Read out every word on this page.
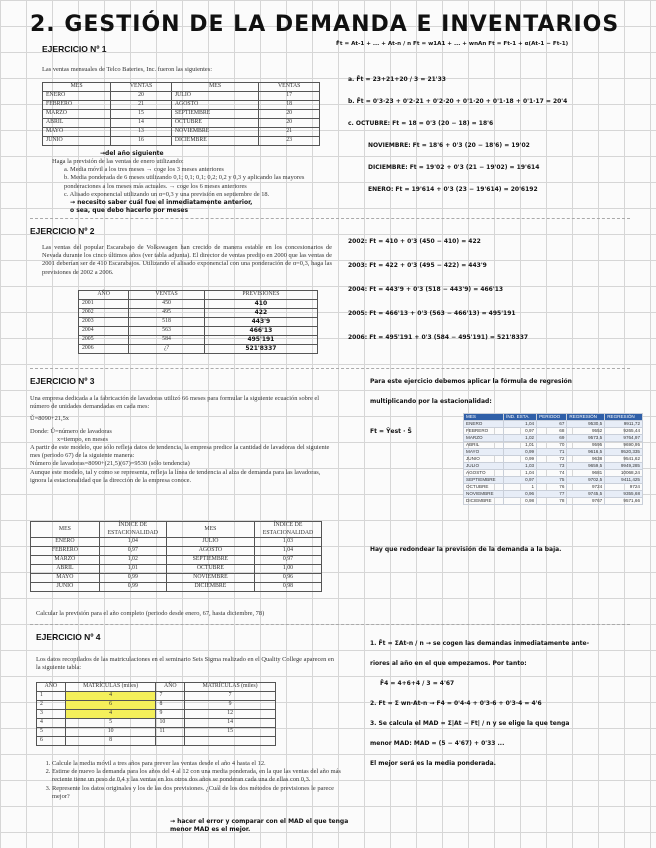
2. GESTIÓN DE LA DEMANDA E INVENTARIOS
EJERCICIO Nº 1	F̄t = At-1 + ... + At-n / n Ft = w1A1 + ... + wnAn Ft = Ft-1 + α(At-1 − Ft-1)
Las ventas mensuales de Telco Bateries, Inc. fueron las siguientes:
MES	VENTAS	MES	VENTAS
ENERO	20	JULIO	17
FEBRERO	21	AGOSTO	18
MARZO	15	SEPTIEMBRE	20
ABRIL	14	OCTUBRE	20
MAYO	13	NOVIEMBRE	21
JUNIO	16	DICIEMBRE	23
→del año siguiente
Haga la previsión de las ventas de enero utilizando:
a. Media móvil a los tres meses → coge los 3 meses anteriores
b. Media ponderada de 6 meses utilizando 0,1; 0,1; 0,1; 0,2; 0,2 y 0,3 y aplicando las mayores ponderaciones a los meses más actuales. → coge los 6 meses anteriores
c. Alisado exponencial utilizando un α=0,3 y una previsión en septiembre de 18.
→ necesito saber cuál fue el inmediatamente anterior,
o sea, que debo hacerlo por meses
a. F̄t = 23+21+20 / 3 = 21'33
b. F̄t = 0'3·23 + 0'2·21 + 0'2·20 + 0'1·20 + 0'1·18 + 0'1·17 = 20'4
c. OCTUBRE: Ft = 18 = 0'3 (20 − 18) = 18'6
NOVIEMBRE: Ft = 18'6 + 0'3 (20 − 18'6) = 19'02
DICIEMBRE: Ft = 19'02 + 0'3 (21 − 19'02) = 19'614
ENERO: Ft = 19'614 + 0'3 (23 − 19'614) = 20'6192
EJERCICIO Nº 2
Las ventas del popular Escarabajo de Volkswagen han crecido de manera estable en los concesionarios de Nevada durante los cinco últimos años (ver tabla adjunta). El director de ventas predijo en 2000 que las ventas de 2001 deberían ser de 410 Escarabajos. Utilizando el alisado exponencial con una ponderación de α=0,3, haga las previsiones de 2002 a 2006.
AÑO	VENTAS	PREVISIONES
2001	450	410
2002	495	422
2003	518	443'9
2004	563	466'13
2005	584	495'191
2006	¿?	521'8337
2002: Ft = 410 + 0'3 (450 − 410) = 422
2003: Ft = 422 + 0'3 (495 − 422) = 443'9
2004: Ft = 443'9 + 0'3 (518 − 443'9) = 466'13
2005: Ft = 466'13 + 0'3 (563 − 466'13) = 495'191
2006: Ft = 495'191 + 0'3 (584 − 495'191) = 521'8337
EJERCICIO Nº 3
Una empresa dedicada a la fabricación de lavadoras utilizó 66 meses para formular la siguiente ecuación sobre el número de unidades demandadas en cada mes:
Ŭ=8090+21,5x
Donde: Ŭ=número de lavadoras
x=tiempo, en meses
A partir de este modelo, que sólo refleja datos de tendencia, la empresa predice la cantidad de lavadoras del siguiente mes (periodo 67) de la siguiente manera:
Número de lavadoras=8090+(21,5)(67)=9530 (sólo tendencia)
Aunque este modelo, tal y como se representa, refleja la línea de tendencia al alza de demanda para las lavadoras, ignora la estacionalidad que la dirección de la empresa conoce.
MES	ÍNDICE DE ESTACIONALIDAD	MES	ÍNDICE DE ESTACIONALIDAD
ENERO	1,04	JULIO	1,03
FEBRERO	0,97	AGOSTO	1,04
MARZO	1,02	SEPTIEMBRE	0,97
ABRIL	1,01	OCTUBRE	1,00
MAYO	0,99	NOVIEMBRE	0,96
JUNIO	0,99	DICIEMBRE	0,98
Calcular la previsión para el año completo (periodo desde enero, 67, hasta diciembre, 78)
Para este ejercicio debemos aplicar la fórmula de regresión
multiplicando por la estacionalidad:
Ft = Ŷest · Ŝ
MES	ÍND. ESTA.	PERIODO	REGRESIÓN	REGRESIÓN
ENERO	1,04	67	9530,5	9911,72
FEBRERO	0,97	68	9552	9265,44
MARZO	1,02	69	9573,5	9764,97
ABRIL	1,01	70	9595	9690,95
MAYO	0,99	71	9616,5	9520,335
JUNIO	0,99	72	9638	9541,62
JULIO	1,03	73	9659,5	9949,285
AGOSTO	1,04	74	9681	10068,24
SEPTIEMBRE	0,97	75	9702,5	9411,425
OCTUBRE	1	76	9724	9724
NOVIEMBRE	0,96	77	9745,5	9355,68
DICIEMBRE	0,98	78	9767	9571,66
Hay que redondear la previsión de la demanda a la baja.
EJERCICIO Nº 4
Los datos recopilados de las matriculaciones en el seminario Seis Sigma realizado en el Quality College aparecen en la siguiente tabla:
AÑO	MATRÍCULAS (miles)	AÑO	MATRÍCULAS (miles)
1	4	7	7
2	6	8	9
3	4	9	12
4	5	10	14
5	10	11	15
6	8		
1. Calcule la media móvil a tres años para prever las ventas desde el año 4 hasta el 12.
2. Estime de nuevo la demanda para los años del 4 al 12 con una media ponderada, en la que las ventas del año más reciente tiene un peso de 0,4 y las ventas en los otros dos años se ponderan cada una de ellas con 0,3.
3. Represente los datos originales y los de las dos previsiones. ¿Cuál de los dos métodos de previsiones le parece mejor?
→ hacer el error y comparar con el MAD el que tenga menor MAD es el mejor.
1. F̄t = ΣAt-n / n → se cogen las demandas inmediatamente ante-
riores al año en el que empezamos. Por tanto:
F̄4 = 4+6+4 / 3 = 4'67
2. Ft = Σ wn·At-n → F4 = 0'4·4 + 0'3·6 + 0'3·4 = 4'6
3. Se calcula el MAD = Σ|At − Ft| / n y se elige la que tenga
menor MAD: MAD = (5 − 4'67) + 0'33 ...
El mejor será es la media ponderada.
